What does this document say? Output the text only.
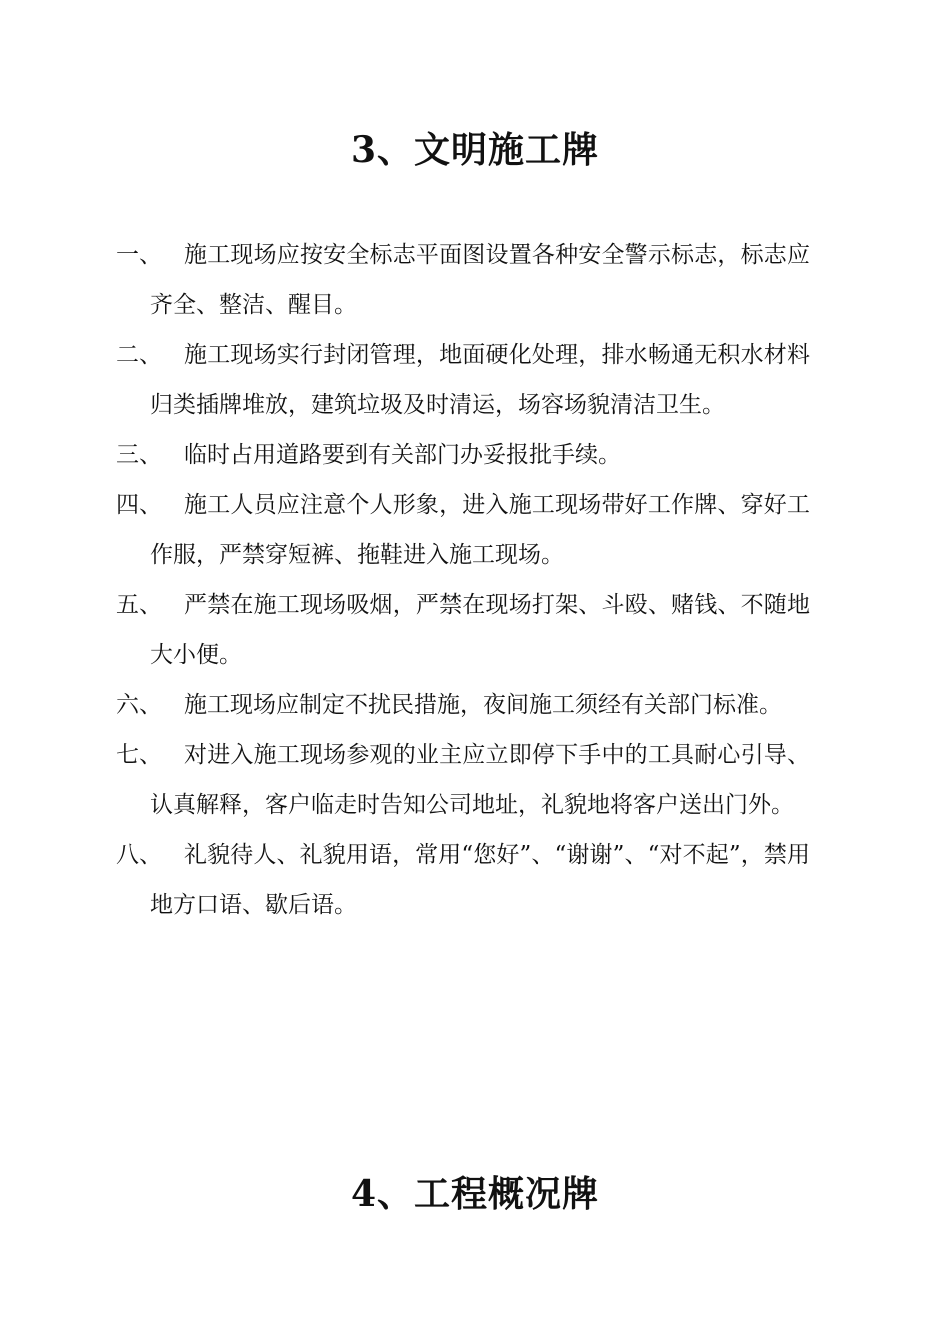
3、文明施工牌
一、 施工现场应按安全标志平面图设置各种安全警示标志，标志应齐全、整洁、醒目。
二、 施工现场实行封闭管理，地面硬化处理，排水畅通无积水材料归类插牌堆放，建筑垃圾及时清运，场容场貌清洁卫生。
三、 临时占用道路要到有关部门办妥报批手续。
四、 施工人员应注意个人形象，进入施工现场带好工作牌、穿好工作服，严禁穿短裤、拖鞋进入施工现场。
五、 严禁在施工现场吸烟，严禁在现场打架、斗殴、赌钱、不随地大小便。
六、 施工现场应制定不扰民措施，夜间施工须经有关部门标准。
七、 对进入施工现场参观的业主应立即停下手中的工具耐心引导、认真解释，客户临走时告知公司地址，礼貌地将客户送出门外。
八、 礼貌待人、礼貌用语，常用“您好”、“谢谢”、“对不起”，禁用地方口语、歇后语。
4、工程概况牌
